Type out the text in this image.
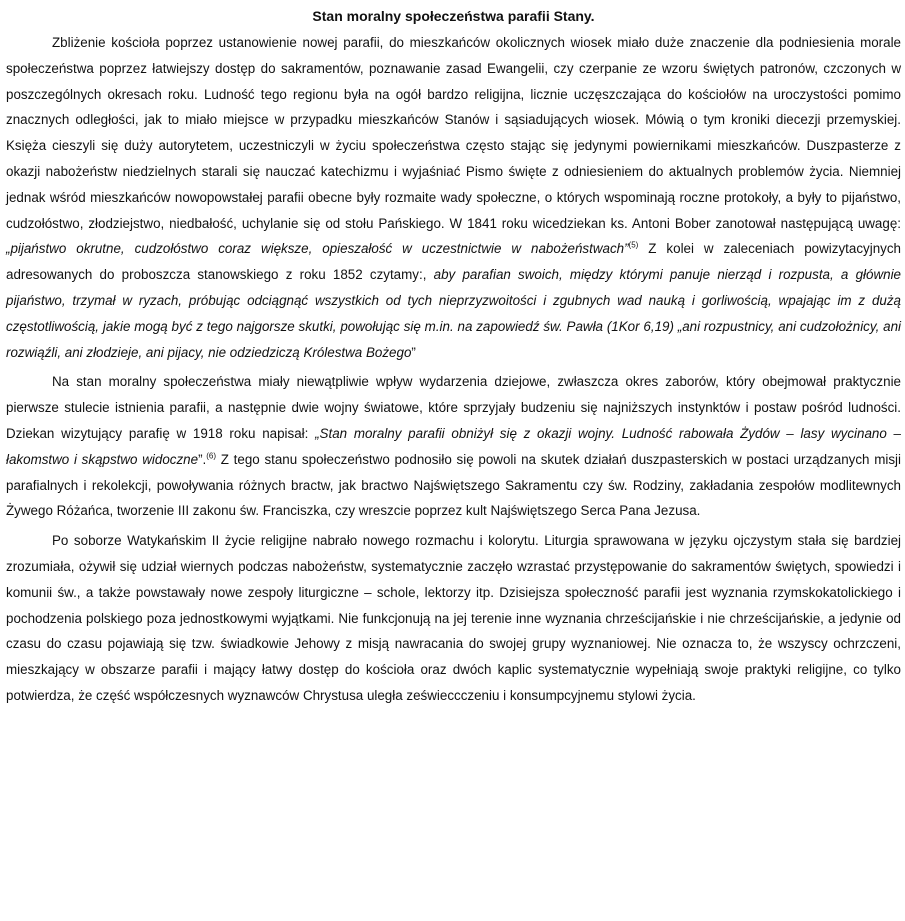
Stan moralny społeczeństwa parafii Stany.

Zbliżenie kościoła poprzez ustanowienie nowej parafii, do mieszkańców okolicznych wiosek miało duże znaczenie dla podniesienia morale społeczeństwa poprzez łatwiejszy dostęp do sakramentów, poznawanie zasad Ewangelii, czy czerpanie ze wzoru świętych patronów, czczonych w poszczególnych okresach roku. Ludność tego regionu była na ogół bardzo religijna, licznie uczęszczająca do kościołów na uroczystości pomimo znacznych odległości, jak to miało miejsce w przypadku mieszkańców Stanów i sąsiadujących wiosek. Mówią o tym kroniki diecezji przemyskiej. Księża cieszyli się duży autorytetem, uczestniczyli w życiu społeczeństwa często stając się jedynymi powiernikami mieszkańców. Duszpasterze z okazji nabożeństw niedzielnych starali się nauczać katechizmu i wyjaśniać Pismo święte z odniesieniem do aktualnych problemów życia. Niemniej jednak wśród mieszkańców nowopowstałej parafii obecne były rozmaite wady społeczne, o których wspominają roczne protokoły, a były to pijaństwo, cudzołóstwo, złodziejstwo, niedbałość, uchylanie się od stołu Pańskiego. W 1841 roku wicedziekan ks. Antoni Bober zanotował następującą uwagę: „pijaństwo okrutne, cudzołóstwo coraz większe, opieszałość w uczestnictwie w nabożeństwach”$^{(5)}$ Z kolei w zaleceniach powizytacyjnych adresowanych do proboszcza stanowskiego z roku 1852 czytamy:, aby parafian swoich, między którymi panuje nierząd i rozpusta, a głównie pijaństwo, trzymał w ryzach, próbując odciągnąć wszystkich od tych nieprzyzwoitości i zgubnych wad nauką i gorliwością, wpajając im z dużą częstotliwością, jakie mogą być z tego najgorsze skutki, powołując się m.in. na zapowiedź św. Pawła (1Kor 6,19) „ani rozpustnicy, ani cudzołożnicy, ani rozwiąźli, ani złodzieje, ani pijacy, nie odziedziczą Królestwa Bożego”

Na stan moralny społeczeństwa miały niewątpliwie wpływ wydarzenia dziejowe, zwłaszcza okres zaborów, który obejmował praktycznie pierwsze stulecie istnienia parafii, a następnie dwie wojny światowe, które sprzyjały budzeniu się najniższych instynktów i postaw pośród ludności. Dziekan wizytujący parafię w 1918 roku napisał: „Stan moralny parafii obniżył się z okazji wojny. Ludność rabowała Żydów – lasy wycinano – łakomstwo i skąpstwo widoczne”.$^{(6)}$ Z tego stanu społeczeństwo podnosiło się powoli na skutek działań duszpasterskich w postaci urządzanych misji parafialnych i rekolekcji, powoływania różnych bractw, jak bractwo Najświętszego Sakramentu czy św. Rodziny, zakładania zespołów modlitewnych Żywego Różańca, tworzenie III zakonu św. Franciszka, czy wreszcie poprzez kult Najświętszego Serca Pana Jezusa.

Po soborze Watykańskim II życie religijne nabrało nowego rozmachu i kolorytu. Liturgia sprawowana w języku ojczystym stała się bardziej zrozumiała, ożywił się udział wiernych podczas nabożeństw, systematycznie zaczęło wzrastać przystępowanie do sakramentów świętych, spowiedzi i komunii św., a także powstawały nowe zespoły liturgiczne – schole, lektorzy itp. Dzisiejsza społeczność parafii jest wyznania rzymskokatolickiego i pochodzenia polskiego poza jednostkowymi wyjątkami. Nie funkcjonują na jej terenie inne wyznania chrześcijańskie i nie chrześcijańskie, a jedynie od czasu do czasu pojawiają się tzw. świadkowie Jehowy z misją nawracania do swojej grupy wyznaniowej. Nie oznacza to, że wszyscy ochrzczeni, mieszkający w obszarze parafii i mający łatwy dostęp do kościoła oraz dwóch kaplic systematycznie wypełniają swoje praktyki religijne, co tylko potwierdza, że część współczesnych wyznawców Chrystusa uległa ześwieccczeniu i konsumpcyjnemu stylowi życia.
